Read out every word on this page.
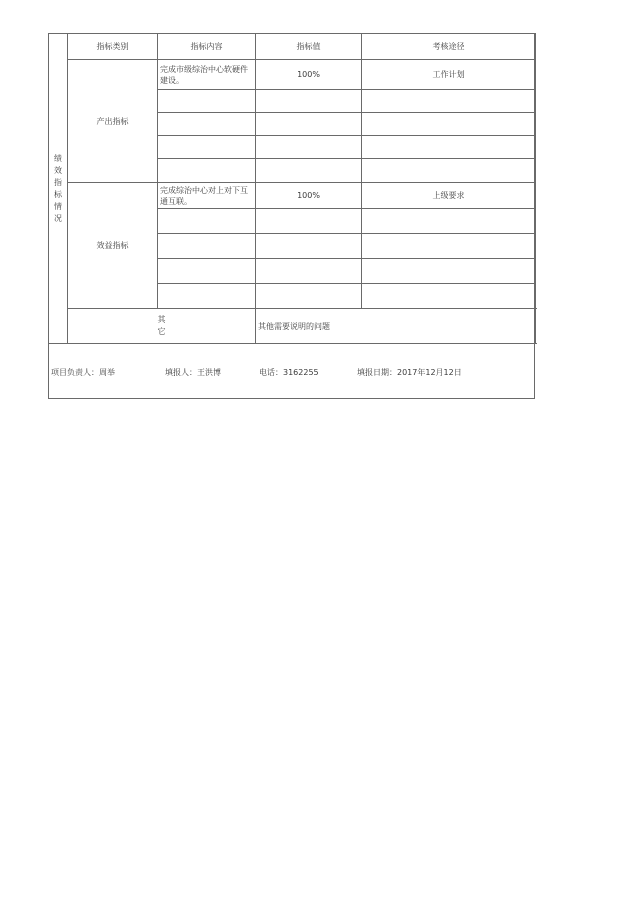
绩效指标情况	指标类别	指标内容	指标值	考核途径
	产出指标	完成市级综治中心软硬件建设。	100%	工作计划

	效益指标	完成综治中心对上对下互通互联。	100%	上级要求

	其它		其他需要说明的问题	
项目负责人：周举	填报人：王洪博	电话：3162255	填报日期：2017年12月12日
